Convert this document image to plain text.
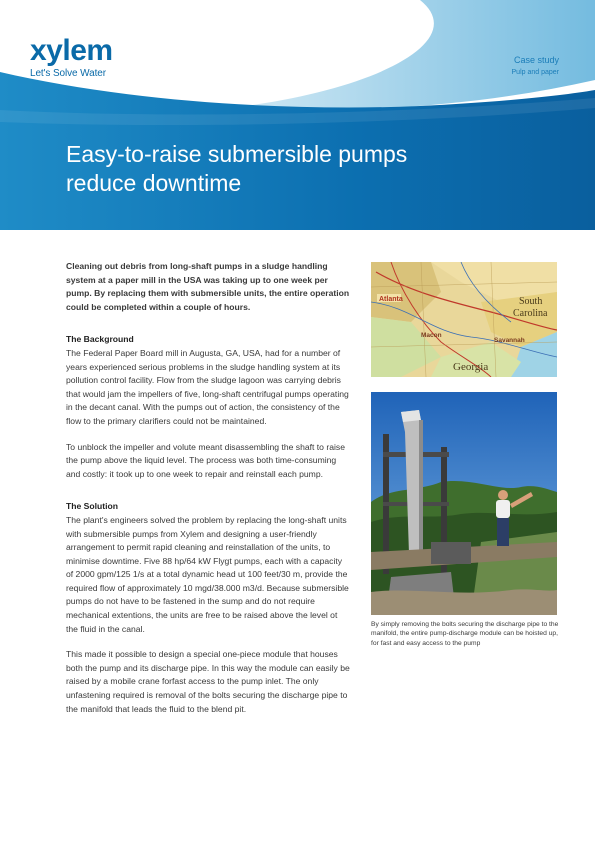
xylem
Let's Solve Water
Case study
Pulp and paper
Easy-to-raise submersible pumps
reduce downtime

Cleaning out debris from long-shaft pumps in a sludge handling system at a paper mill in the USA was taking up to one week per pump. By replacing them with submersible units, the entire operation could be completed within a couple of hours.

The Background

The Federal Paper Board mill in Augusta, GA, USA, had for a number of years experienced serious problems in the sludge handling system at its pollution control facility. Flow from the sludge lagoon was carrying debris that would jam the impellers of five, long-shaft centrifugal pumps operating in the decant canal. With the pumps out of action, the consistency of the flow to the primary clarifiers could not be maintained.

To unblock the impeller and volute meant disassembling the shaft to raise the pump above the liquid level. The process was both time-consuming and costly: it took up to one week to repair and reinstall each pump.

The Solution

The plant's engineers solved the problem by replacing the long-shaft units with submersible pumps from Xylem and designing a user-friendly arrangement to permit rapid cleaning and reinstallation of the units, to minimise downtime. Five 88 hp/64 kW Flygt pumps, each with a capacity of 2000 gpm/125 1/s at a total dynamic head ut 100 feet/30 m, provide the required flow of approximately 10 mgd/38.000 m3/d. Because submersible pumps do not have to be fastened in the sump and do not require mechanical extentions, the units are free to be raised above the level ot the fluid in the canal.

This made it possible to design a special one-piece module that houses both the pump and its discharge pipe. In this way the module can easily be raised by a mobile crane forfast access to the pump inlet. The only unfastening required is removal of the bolts securing the discharge pipe to the manifold that leads the fluid to the blend pit.

Atlanta
Macon
Savannah
South
Carolina
Georgia
By simply removing the bolts securing the discharge pipe to the manifold, the entire pump-discharge module can be hoisted up, for fast and easy access to the pump
